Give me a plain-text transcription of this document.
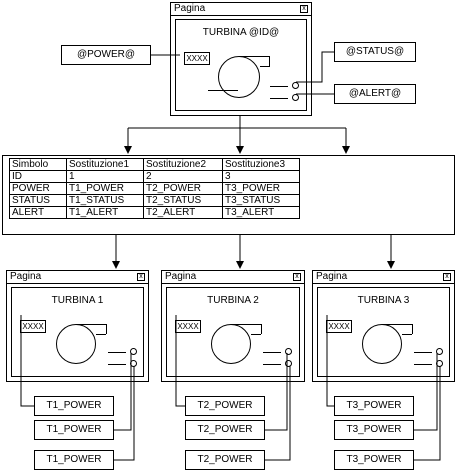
Pagina	x
TURBINA @ID@
XXXX
@POWER@	@STATUS@
@ALERT@
Simbolo	Sostituzione1	Sostituzione2	Sostituzione3
ID	1	2	3
POWER	T1_POWER	T2_POWER	T3_POWER
STATUS	T1_STATUS	T2_STATUS	T3_STATUS
ALERT	T1_ALERT	T2_ALERT	T3_ALERT
Pagina	x
TURBINA 1
XXXX
Pagina	x
TURBINA 2
XXXX
Pagina	x
TURBINA 3
XXXX
T1_POWER
T1_POWER
T1_POWER
T2_POWER
T2_POWER
T2_POWER
T3_POWER
T3_POWER
T3_POWER
